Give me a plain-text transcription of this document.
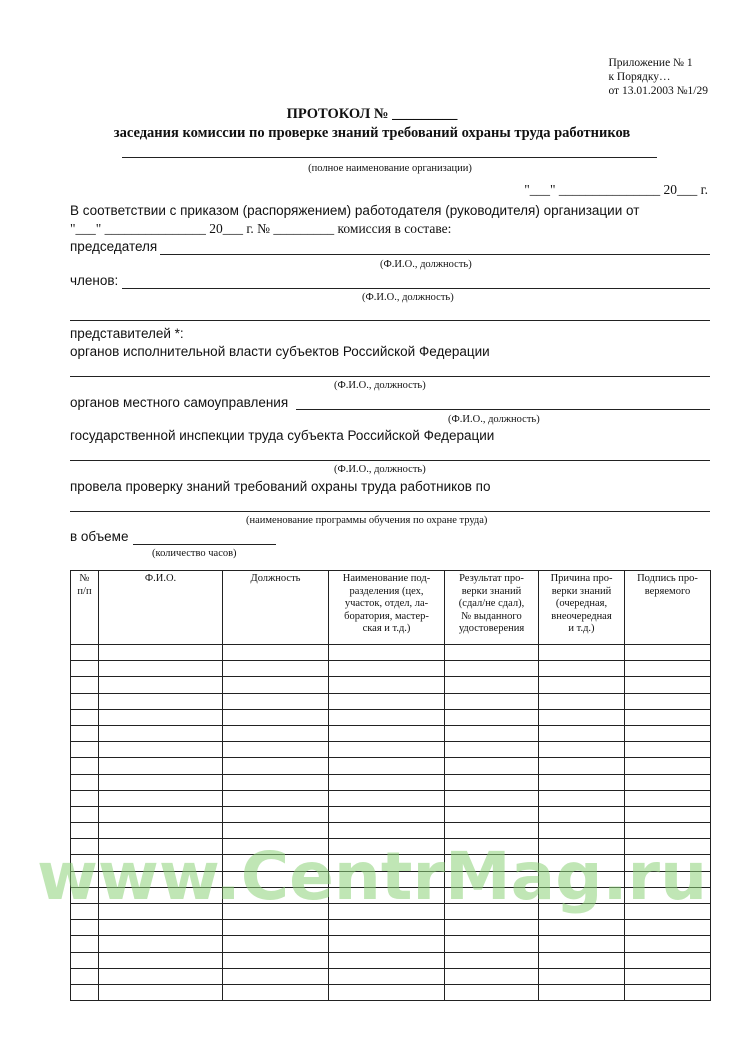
Приложение № 1
к Порядку…
от 13.01.2003 №1/29
ПРОТОКОЛ № _________
заседания комиссии по проверке знаний требований охраны труда работников
(полное наименование организации)
"___" _______________ 20___ г.
В соответствии с приказом (распоряжением) работодателя (руководителя) организации от
"___" _______________ 20___ г. № _________ комиссия в составе:
председателя
(Ф.И.О., должность)
членов:
(Ф.И.О., должность)
представителей *:
органов исполнительной власти субъектов Российской Федерации
(Ф.И.О., должность)
органов местного самоуправления
(Ф.И.О., должность)
государственной инспекции труда субъекта Российской Федерации
(Ф.И.О., должность)
провела проверку знаний требований охраны труда работников по
(наименование программы обучения по охране труда)
в объеме
(количество часов)
№
п/п	Ф.И.О.	Должность	Наименование под-
разделения (цех,
участок, отдел, ла-
боратория, мастер-
ская и т.д.)	Результат про-
верки знаний
(сдал/не сдал),
№ выданного
удостоверения	Причина про-
верки знаний
(очередная,
внеочередная
и т.д.)	Подпись про-
веряемого

www.CentrMag.ru
